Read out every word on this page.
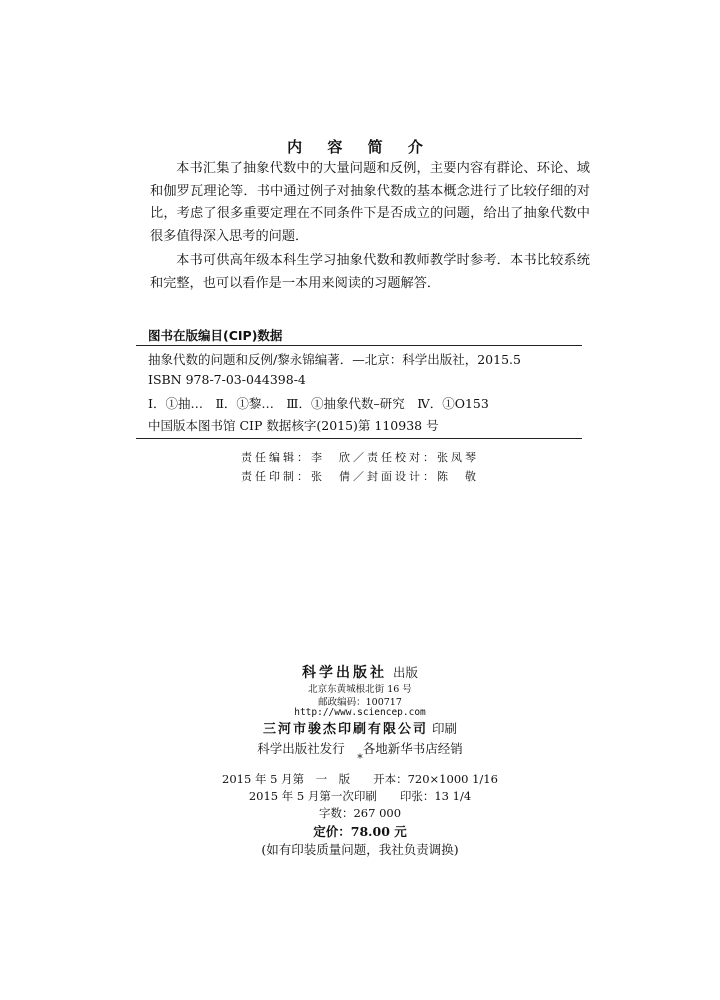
内 容 简 介
本书汇集了抽象代数中的大量问题和反例，主要内容有群论、环论、域和伽罗瓦理论等．书中通过例子对抽象代数的基本概念进行了比较仔细的对比，考虑了很多重要定理在不同条件下是否成立的问题，给出了抽象代数中很多值得深入思考的问题．
本书可供高年级本科生学习抽象代数和教师教学时参考．本书比较系统和完整，也可以看作是一本用来阅读的习题解答．
图书在版编目(CIP)数据
抽象代数的问题和反例/黎永锦编著．—北京：科学出版社，2015.5
ISBN 978-7-03-044398-4
Ⅰ．①抽…　Ⅱ．①黎…　Ⅲ．①抽象代数–研究　Ⅳ．①O153
中国版本图书馆 CIP 数据核字(2015)第 110938 号
责任编辑：李　欣／责任校对：张凤琴
责任印制：张　倩／封面设计：陈　敬
科学出版社 出版
北京东黄城根北街 16 号
邮政编码：100717
http://www.sciencep.com
三河市骏杰印刷有限公司 印刷
科学出版社发行 各地新华书店经销
*
2015 年 5 月第　一　版　　开本：720×1000 1/16
2015 年 5 月第一次印刷　　印张：13 1/4
字数：267 000
定价：78.00 元
(如有印装质量问题，我社负责调换)
